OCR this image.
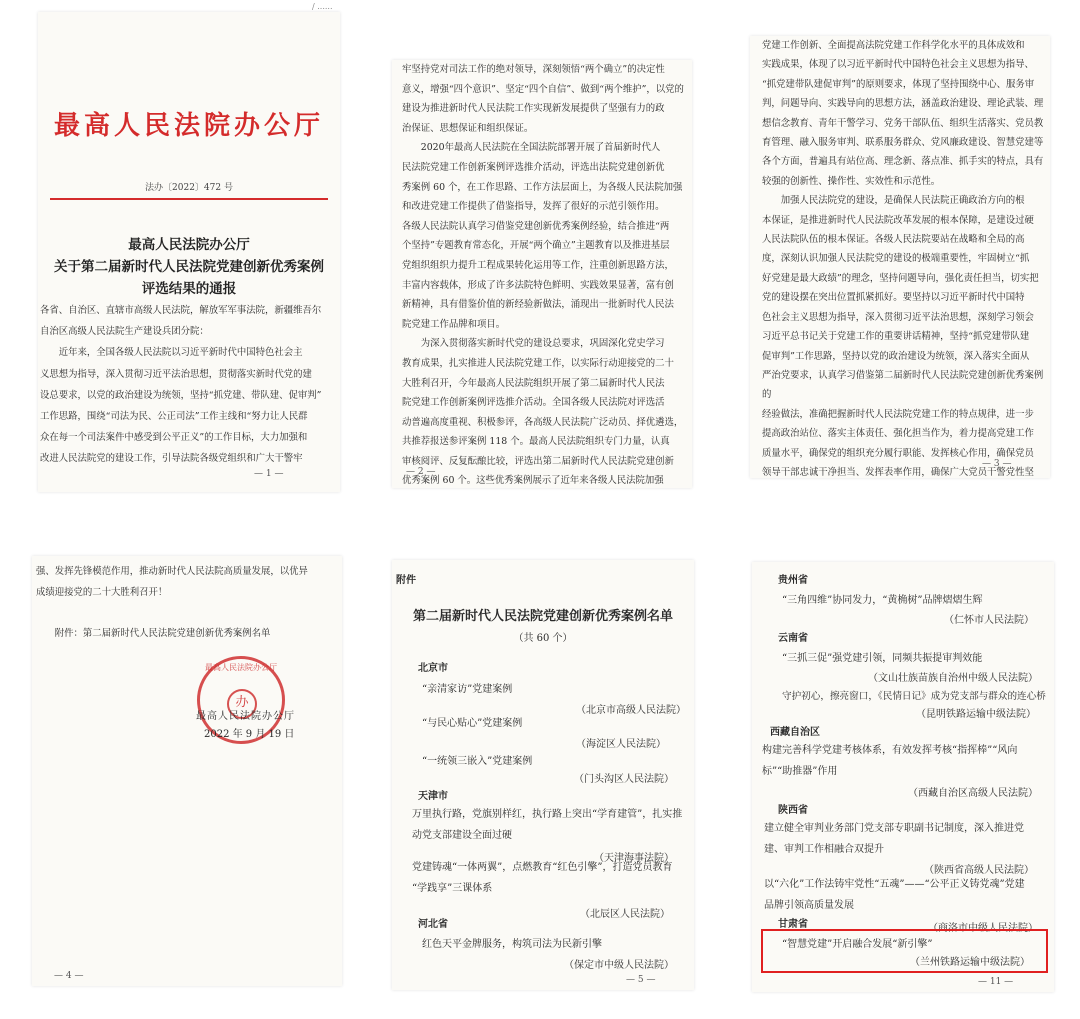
/ ......
最高人民法院办公厅
法办〔2022〕472 号
最高人民法院办公厅
关于第二届新时代人民法院党建创新优秀案例
评选结果的通报
各省、自治区、直辖市高级人民法院，解放军军事法院，新疆维吾尔
自治区高级人民法院生产建设兵团分院：
　　近年来，全国各级人民法院以习近平新时代中国特色社会主
义思想为指导，深入贯彻习近平法治思想，贯彻落实新时代党的建
设总要求，以党的政治建设为统领，坚持“抓党建、带队建、促审判”
工作思路，围绕“司法为民、公正司法”工作主线和“努力让人民群
众在每一个司法案件中感受到公平正义”的工作目标，大力加强和
改进人民法院党的建设工作，引导法院各级党组织和广大干警牢
— 1 —
牢坚持党对司法工作的绝对领导，深刻领悟“两个确立”的决定性
意义，增强“四个意识”、坚定“四个自信”、做到“两个维护”，以党的
建设为推进新时代人民法院工作实现新发展提供了坚强有力的政
治保证、思想保证和组织保证。
　　2020年最高人民法院在全国法院部署开展了首届新时代人
民法院党建工作创新案例评选推介活动，评选出法院党建创新优
秀案例 60 个，在工作思路、工作方法层面上，为各级人民法院加强
和改进党建工作提供了借鉴指导，发挥了很好的示范引领作用。
各级人民法院认真学习借鉴党建创新优秀案例经验，结合推进“两
个坚持”专题教育常态化，开展“两个确立”主题教育以及推进基层
党组织组织力提升工程成果转化运用等工作，注重创新思路方法，
丰富内容载体，形成了许多法院特色鲜明、实践效果显著，富有创
新精神，具有借鉴价值的新经验新做法，涌现出一批新时代人民法
院党建工作品牌和项目。
　　为深入贯彻落实新时代党的建设总要求，巩固深化党史学习
教育成果，扎实推进人民法院党建工作，以实际行动迎接党的二十
大胜利召开，今年最高人民法院组织开展了第二届新时代人民法
院党建工作创新案例评选推介活动。全国各级人民法院对评选活
动普遍高度重视、积极参评，各高级人民法院广泛动员、择优遴选，
共推荐报送参评案例 118 个。最高人民法院组织专门力量，认真
审核阅评、反复酝酿比较，评选出第二届新时代人民法院党建创新
优秀案例 60 个。这些优秀案例展示了近年来各级人民法院加强
— 2 —
党建工作创新、全面提高法院党建工作科学化水平的具体成效和
实践成果，体现了以习近平新时代中国特色社会主义思想为指导、
“抓党建带队建促审判”的原则要求，体现了坚持围绕中心、服务审
判，问题导向、实践导向的思想方法，涵盖政治建设、理论武装、理
想信念教育、青年干警学习、党务干部队伍、组织生活落实、党员教
育管理、融入服务审判、联系服务群众、党风廉政建设、智慧党建等
各个方面，普遍具有站位高、理念新、落点准、抓手实的特点，具有
较强的创新性、操作性、实效性和示范性。
　　加强人民法院党的建设，是确保人民法院正确政治方向的根
本保证，是推进新时代人民法院改革发展的根本保障，是建设过硬
人民法院队伍的根本保证。各级人民法院要站在战略和全局的高
度，深刻认识加强人民法院党的建设的极端重要性，牢固树立“抓
好党建是最大政绩”的理念，坚持问题导向，强化责任担当，切实把
党的建设摆在突出位置抓紧抓好。要坚持以习近平新时代中国特
色社会主义思想为指导，深入贯彻习近平法治思想，深刻学习领会
习近平总书记关于党建工作的重要讲话精神，坚持“抓党建带队建
促审判”工作思路，坚持以党的政治建设为统领，深入落实全面从
严治党要求，认真学习借鉴第二届新时代人民法院党建创新优秀案例的
经验做法，准确把握新时代人民法院党建工作的特点规律，进一步
提高政治站位、落实主体责任、强化担当作为，着力提高党建工作
质量水平，确保党的组织充分履行职能、发挥核心作用，确保党员
领导干部忠诚干净担当、发挥表率作用，确保广大党员干警党性坚
— 3 —
强、发挥先锋模范作用，推动新时代人民法院高质量发展，以优异
成绩迎接党的二十大胜利召开！

　　附件：第二届新时代人民法院党建创新优秀案例名单
最高人民法院办公厅
办
最高人民法院办公厅
2022 年 9 月 19 日
— 4 —
附件
第二届新时代人民法院党建创新优秀案例名单
（共 60 个）
北京市
“亲清家访”党建案例
（北京市高级人民法院）
“与民心贴心”党建案例
（海淀区人民法院）
“一统领三嵌入”党建案例
（门头沟区人民法院）
天津市
万里执行路，党旗别样红，执行路上突出“学育建管”，扎实推
动党支部建设全面过硬
（天津海事法院）
党建铸魂“一体两翼”，点燃教育“红色引擎”，打造党员教育
“学践享”三课体系
（北辰区人民法院）
河北省
红色天平金牌服务，构筑司法为民新引擎
（保定市中级人民法院）
— 5 —
贵州省
“三角四维”协同发力，“黄桷树”品牌熠熠生辉
（仁怀市人民法院）
云南省
“三抓三促”强党建引领，同频共振提审判效能
（文山壮族苗族自治州中级人民法院）
守护初心，擦亮窗口，《民情日记》成为党支部与群众的连心桥
（昆明铁路运输中级法院）
西藏自治区
构建完善科学党建考核体系，有效发挥考核“指挥棒”“风向
标”“助推器”作用
（西藏自治区高级人民法院）
陕西省
建立健全审判业务部门党支部专职副书记制度，深入推进党
建、审判工作相融合双提升
（陕西省高级人民法院）
以“六化”工作法铸牢党性“五魂”——“公平正义铸党魂”党建
品牌引领高质量发展
（商洛市中级人民法院）
甘肃省
“智慧党建”开启融合发展“新引擎”
（兰州铁路运输中级法院）
— 11 —
